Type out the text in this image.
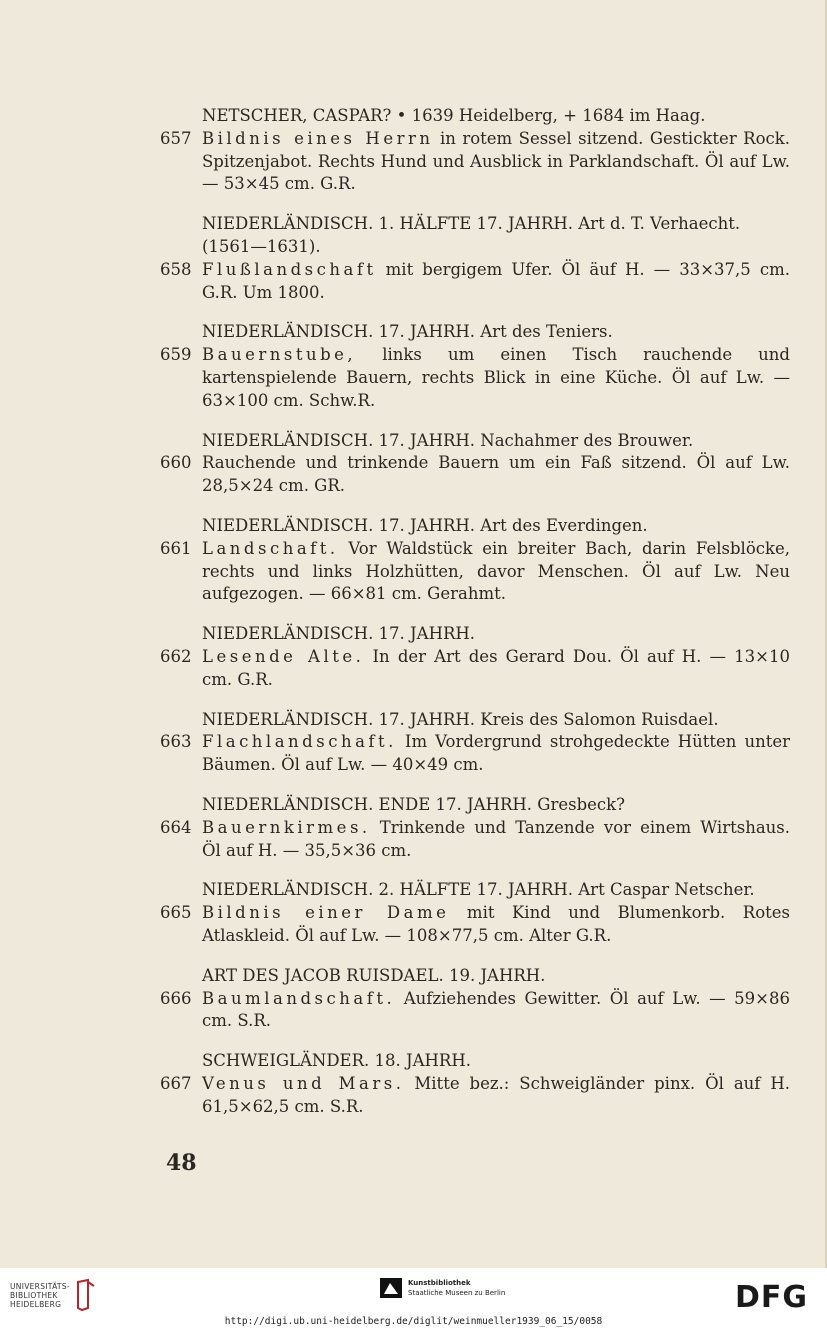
NETSCHER, CASPAR? • 1639 Heidelberg, + 1684 im Haag.
657 Bildnis eines Herrn in rotem Sessel sitzend. Gestickter Rock. Spitzenjabot. Rechts Hund und Ausblick in Parklandschaft. Öl auf Lw. — 53×45 cm. G.R.
NIEDERLÄNDISCH. 1. HÄLFTE 17. JAHRH. Art d. T. Verhaecht. (1561—1631).
658 Flußlandschaft mit bergigem Ufer. Öl äuf H. — 33×37,5 cm. G.R. Um 1800.
NIEDERLÄNDISCH. 17. JAHRH. Art des Teniers.
659 Bauernstube, links um einen Tisch rauchende und kartenspielende Bauern, rechts Blick in eine Küche. Öl auf Lw. — 63×100 cm. Schw.R.
NIEDERLÄNDISCH. 17. JAHRH. Nachahmer des Brouwer.
660 Rauchende und trinkende Bauern um ein Faß sitzend. Öl auf Lw. 28,5×24 cm. GR.
NIEDERLÄNDISCH. 17. JAHRH. Art des Everdingen.
661 Landschaft. Vor Waldstück ein breiter Bach, darin Felsblöcke, rechts und links Holzhütten, davor Menschen. Öl auf Lw. Neu aufgezogen. — 66×81 cm. Gerahmt.
NIEDERLÄNDISCH. 17. JAHRH.
662 Lesende Alte. In der Art des Gerard Dou. Öl auf H. — 13×10 cm. G.R.
NIEDERLÄNDISCH. 17. JAHRH. Kreis des Salomon Ruisdael.
663 Flachlandschaft. Im Vordergrund strohgedeckte Hütten unter Bäumen. Öl auf Lw. — 40×49 cm.
NIEDERLÄNDISCH. ENDE 17. JAHRH. Gresbeck?
664 Bauernkirmes. Trinkende und Tanzende vor einem Wirtshaus. Öl auf H. — 35,5×36 cm.
NIEDERLÄNDISCH. 2. HÄLFTE 17. JAHRH. Art Caspar Netscher.
665 Bildnis einer Dame mit Kind und Blumenkorb. Rotes Atlaskleid. Öl auf Lw. — 108×77,5 cm. Alter G.R.
ART DES JACOB RUISDAEL. 19. JAHRH.
666 Baumlandschaft. Aufziehendes Gewitter. Öl auf Lw. — 59×86 cm. S.R.
SCHWEIGLÄNDER. 18. JAHRH.
667 Venus und Mars. Mitte bez.: Schweigländer pinx. Öl auf H. 61,5×62,5 cm. S.R.
48
UNIVERSITÄTS-
BIBLIOTHEK
HEIDELBERG
Kunstbibliothek
Staatliche Museen zu Berlin	DFG
http://digi.ub.uni-heidelberg.de/diglit/weinmueller1939_06_15/0058
